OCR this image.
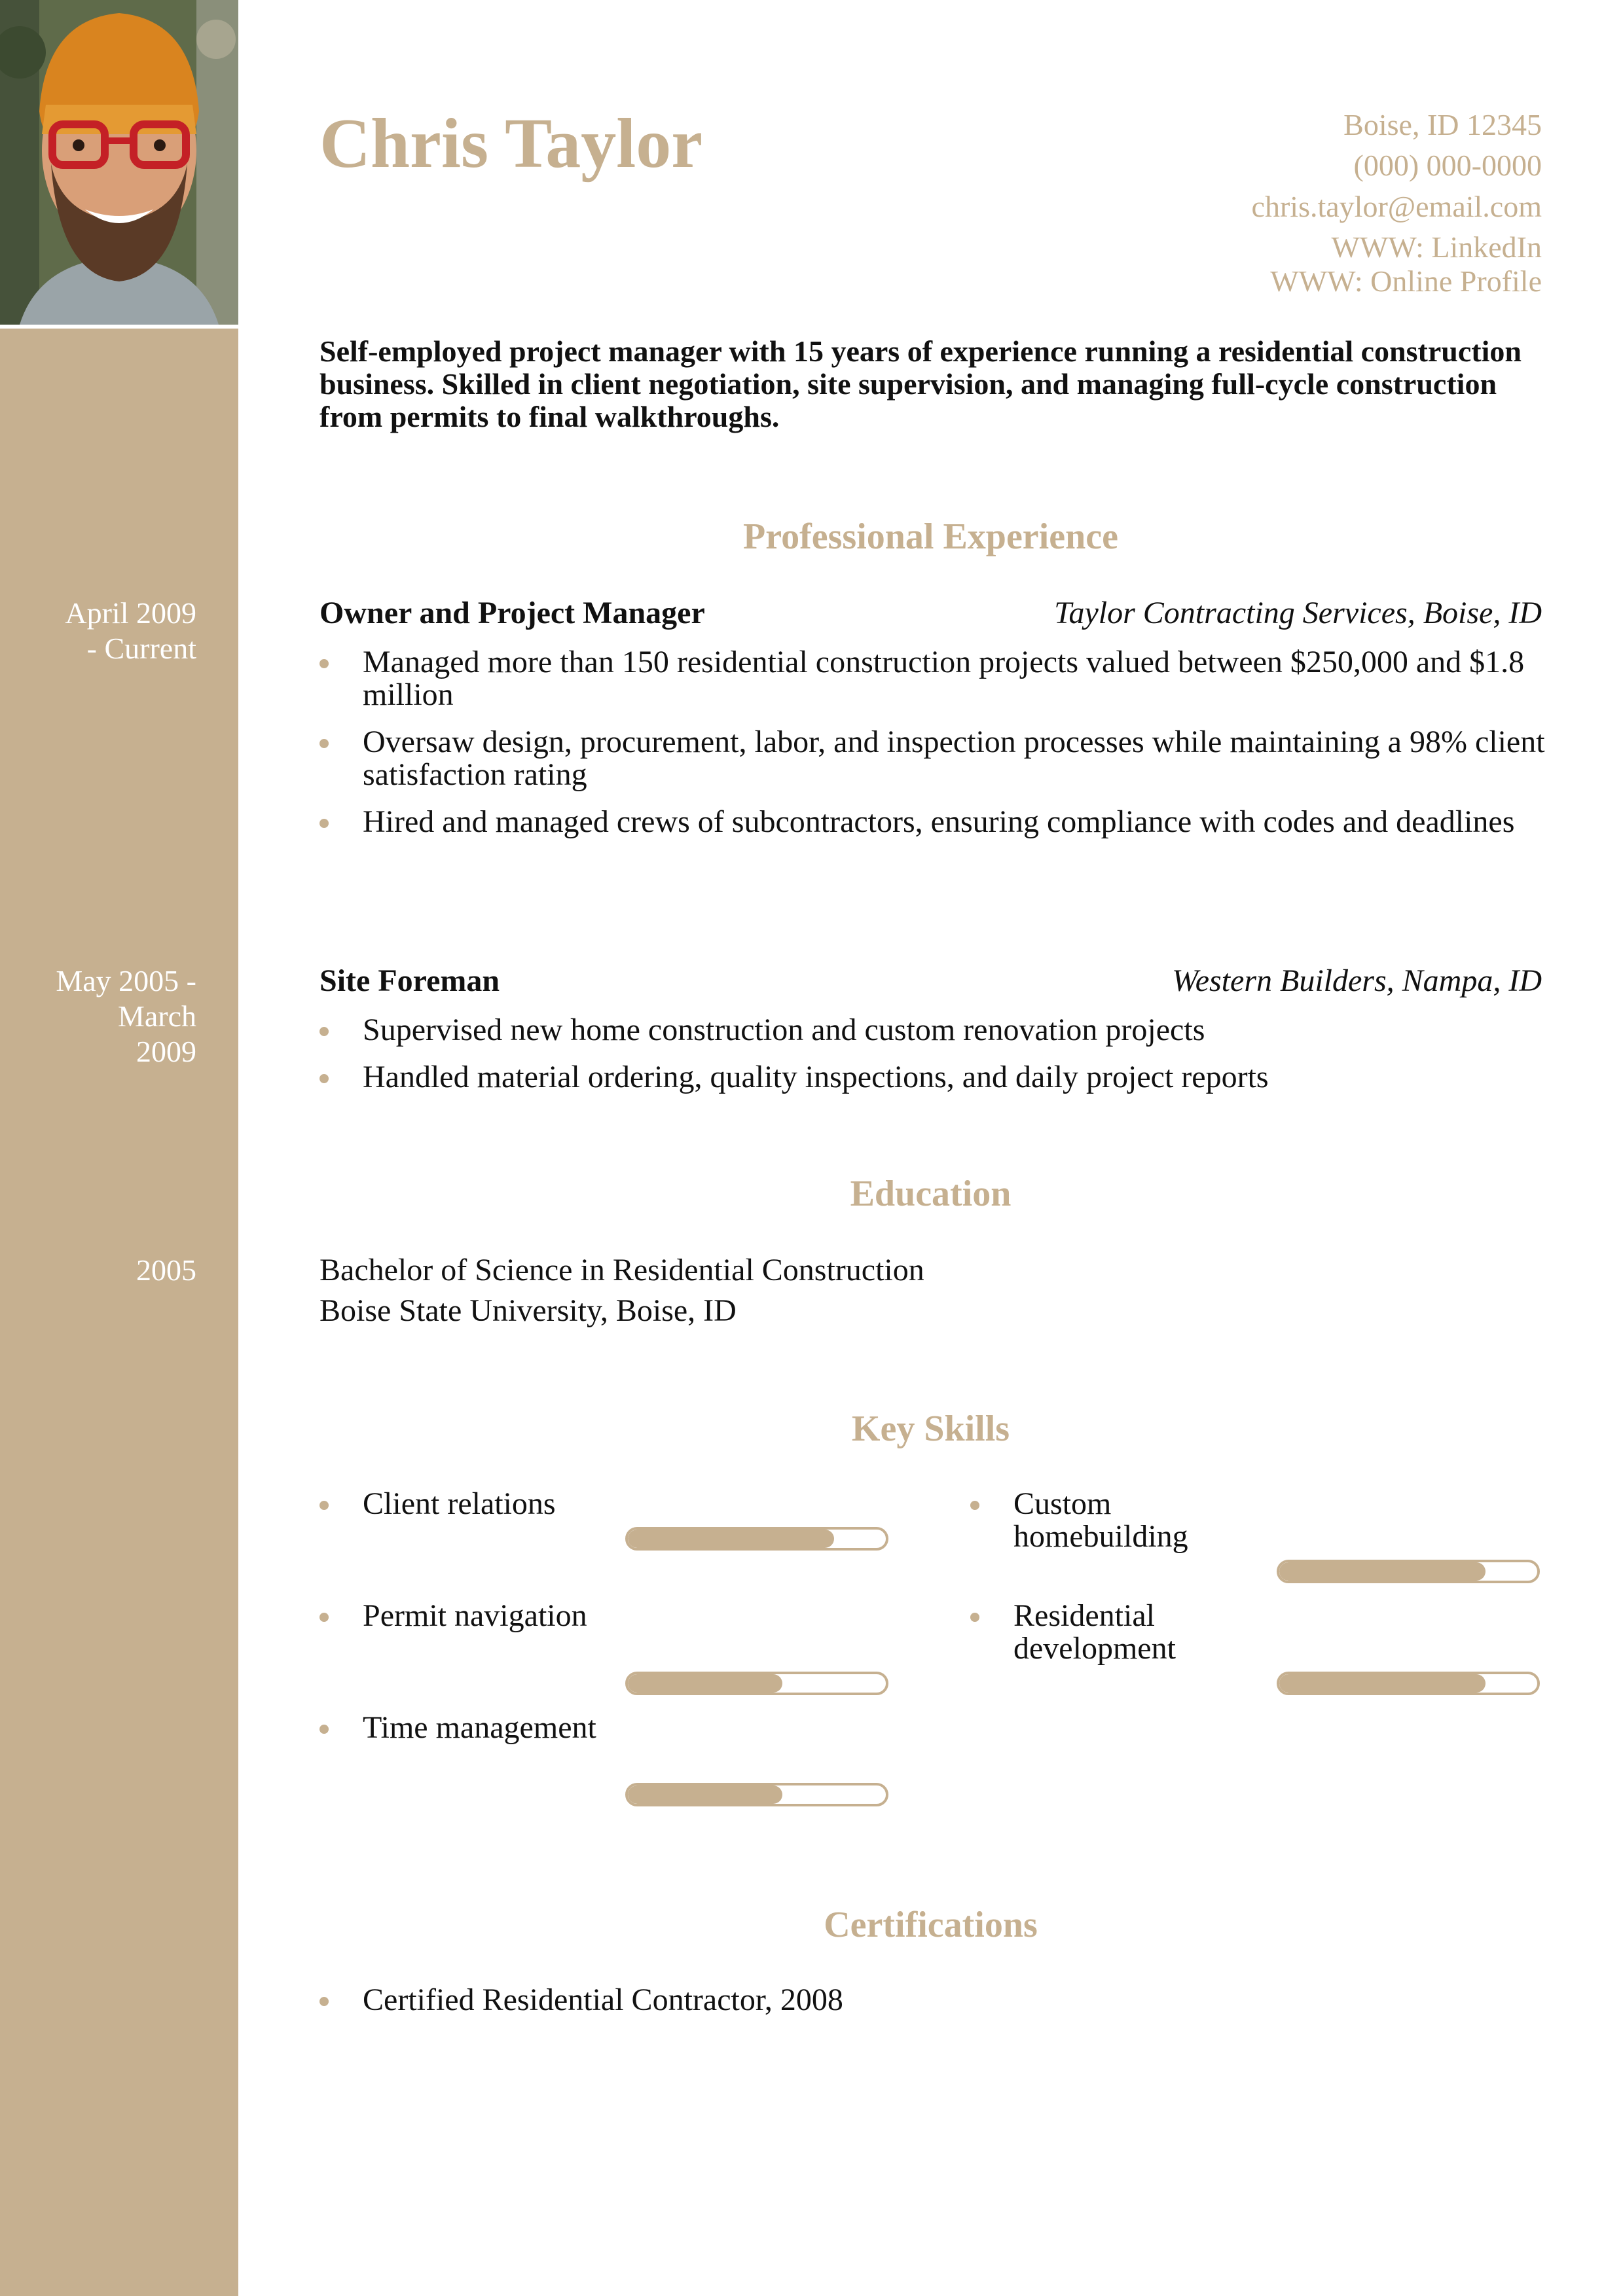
Chris Taylor	Boise, ID 12345
(000) 000-0000
chris.taylor@email.com
WWW: LinkedIn
WWW: Online Profile
Self-employed project manager with 15 years of experience running a residential construction business. Skilled in client negotiation, site supervision, and managing full-cycle construction from permits to final walkthroughs.
Professional Experience
April 2009
- Current
Owner and Project Manager	Taylor Contracting Services, Boise, ID
Managed more than 150 residential construction projects valued between $250,000 and $1.8 million
Oversaw design, procurement, labor, and inspection processes while maintaining a 98% client satisfaction rating
Hired and managed crews of subcontractors, ensuring compliance with codes and deadlines
May 2005 -
March
2009
Site Foreman	Western Builders, Nampa, ID
Supervised new home construction and custom renovation projects
Handled material ordering, quality inspections, and daily project reports
Education
2005	Bachelor of Science in Residential Construction
Boise State University, Boise, ID
Key Skills
Client relations	Custom homebuilding
Permit navigation	Residential development
Time management
Certifications
Certified Residential Contractor, 2008
